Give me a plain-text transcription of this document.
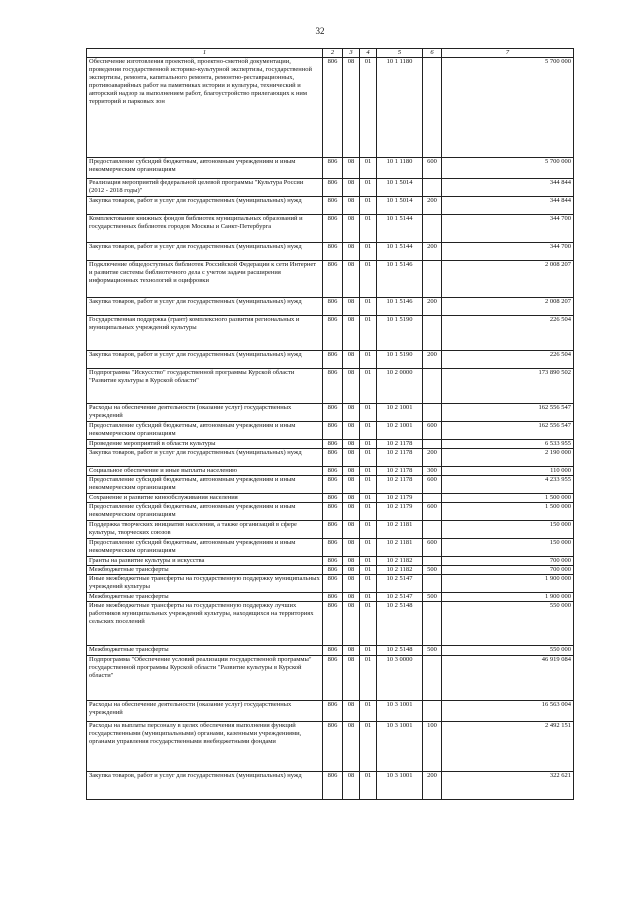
32
1	2	3	4	5	6	7
Обеспечение изготовления проектной, проектно-сметной документации, проведения государственной историко-культурной экспертизы, государственной экспертизы, ремонта, капитального ремонта, ремонтно-реставрационных, противоаварийных работ на памятниках истории и культуры, технический и авторский надзор за выполнением работ, благоустройство прилегающих к ним территорий и парковых зон	806	08	01	10 1 1180		5 700 000
Предоставление субсидий бюджетным, автономным учреждениям и иным некоммерческим организациям	806	08	01	10 1 1180	600	5 700 000
Реализация мероприятий федеральной целевой программы "Культура России (2012 - 2018 годы)"	806	08	01	10 1 5014		344 844
Закупка товаров, работ и услуг для государственных (муниципальных) нужд	806	08	01	10 1 5014	200	344 844
Комплектование книжных фондов библиотек муниципальных образований и государственных библиотек городов Москвы и Санкт-Петербурга	806	08	01	10 1 5144		344 700
Закупка товаров, работ и услуг для государственных (муниципальных) нужд	806	08	01	10 1 5144	200	344 700
Подключение общедоступных библиотек Российской Федерации к сети Интернет и развитие системы библиотечного дела с учетом задачи расширения информационных технологий и оцифровки	806	08	01	10 1 5146		2 008 207
Закупка товаров, работ и услуг для государственных (муниципальных) нужд	806	08	01	10 1 5146	200	2 008 207
Государственная поддержка (грант) комплексного развития региональных и муниципальных учреждений культуры	806	08	01	10 1 5190		226 504
Закупка товаров, работ и услуг для государственных (муниципальных) нужд	806	08	01	10 1 5190	200	226 504
Подпрограмма "Искусство" государственной программы Курской области "Развитие культуры в Курской области"	806	08	01	10 2 0000		173 890 502
Расходы на обеспечение деятельности (оказание услуг) государственных учреждений	806	08	01	10 2 1001		162 556 547
Предоставление субсидий бюджетным, автономным учреждениям и иным некоммерческим организациям	806	08	01	10 2 1001	600	162 556 547
Проведение мероприятий в области культуры	806	08	01	10 2 1178		6 533 955
Закупка товаров, работ и услуг для государственных (муниципальных) нужд	806	08	01	10 2 1178	200	2 190 000
Социальное обеспечение и иные выплаты населению	806	08	01	10 2 1178	300	110 000
Предоставление субсидий бюджетным, автономным учреждениям и иным некоммерческим организациям	806	08	01	10 2 1178	600	4 233 955
Сохранение и развитие кинообслуживания населения	806	08	01	10 2 1179		1 500 000
Предоставление субсидий бюджетным, автономным учреждениям и иным некоммерческим организациям	806	08	01	10 2 1179	600	1 500 000
Поддержка творческих инициатив населения, а также организаций в сфере культуры, творческих союзов	806	08	01	10 2 1181		150 000
Предоставление субсидий бюджетным, автономным учреждениям и иным некоммерческим организациям	806	08	01	10 2 1181	600	150 000
Гранты на развитие культуры и искусства	806	08	01	10 2 1182		700 000
Межбюджетные трансферты	806	08	01	10 2 1182	500	700 000
Иные межбюджетные трансферты на государственную поддержку муниципальных учреждений культуры	806	08	01	10 2 5147		1 900 000
Межбюджетные трансферты	806	08	01	10 2 5147	500	1 900 000
Иные межбюджетные трансферты на государственную поддержку лучших работников муниципальных учреждений культуры, находящихся на территориях сельских поселений	806	08	01	10 2 5148		550 000
Межбюджетные трансферты	806	08	01	10 2 5148	500	550 000
Подпрограмма "Обеспечение условий реализации государственной программы" государственной программы Курской области "Развитие культуры в Курской области"	806	08	01	10 3 0000		46 919 084
Расходы на обеспечение деятельности (оказание услуг) государственных учреждений	806	08	01	10 3 1001		16 563 004
Расходы на выплаты персоналу в целях обеспечения выполнения функций государственными (муниципальными) органами, казенными учреждениями, органами управления государственными внебюджетными фондами	806	08	01	10 3 1001	100	2 492 151
Закупка товаров, работ и услуг для государственных (муниципальных) нужд	806	08	01	10 3 1001	200	322 621
